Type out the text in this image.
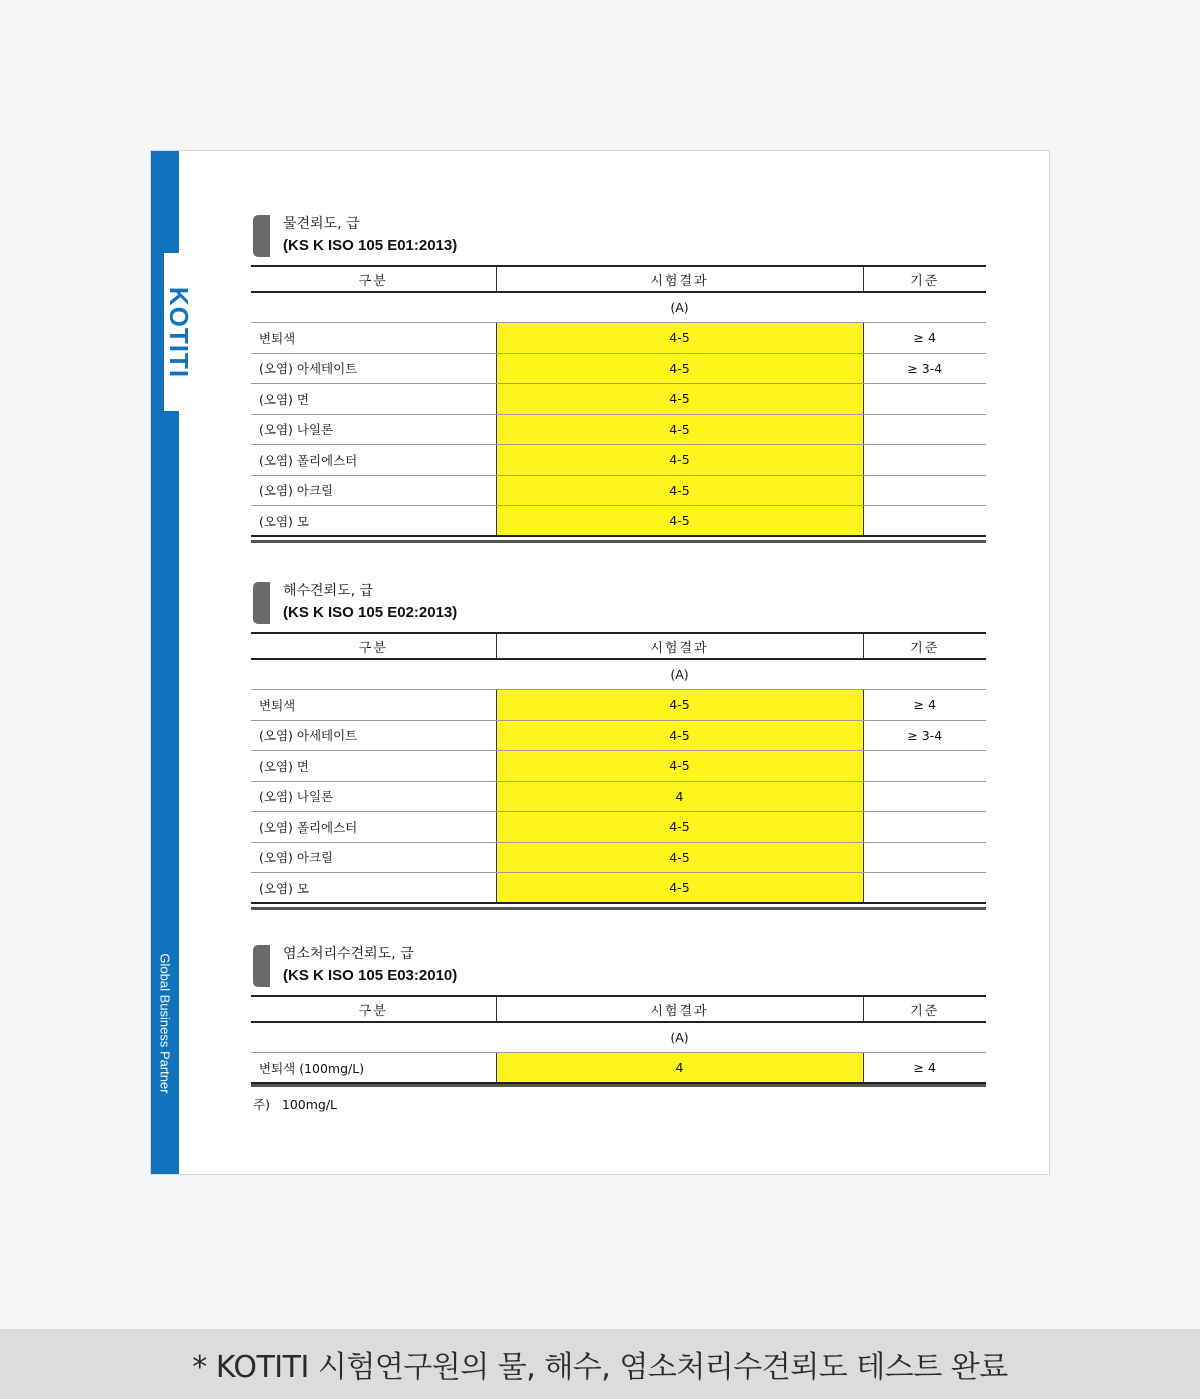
KOTITI
Global Business Partner
물견뢰도, 급
(KS K ISO 105 E01:2013)
구분	시험결과	기준
	(A)	
변퇴색	4-5	≥ 4
(오염) 아세테이트	4-5	≥ 3-4
(오염) 면	4-5	
(오염) 나일론	4-5	
(오염) 폴리에스터	4-5	
(오염) 아크릴	4-5	
(오염) 모	4-5	
해수견뢰도, 급
(KS K ISO 105 E02:2013)
구분	시험결과	기준
	(A)	
변퇴색	4-5	≥ 4
(오염) 아세테이트	4-5	≥ 3-4
(오염) 면	4-5	
(오염) 나일론	4	
(오염) 폴리에스터	4-5	
(오염) 아크릴	4-5	
(오염) 모	4-5	
염소처리수견뢰도, 급
(KS K ISO 105 E03:2010)
구분	시험결과	기준
	(A)	
변퇴색 (100mg/L)	4	≥ 4
주) 100mg/L
* KOTITI 시험연구원의 물, 해수, 염소처리수견뢰도 테스트 완료
